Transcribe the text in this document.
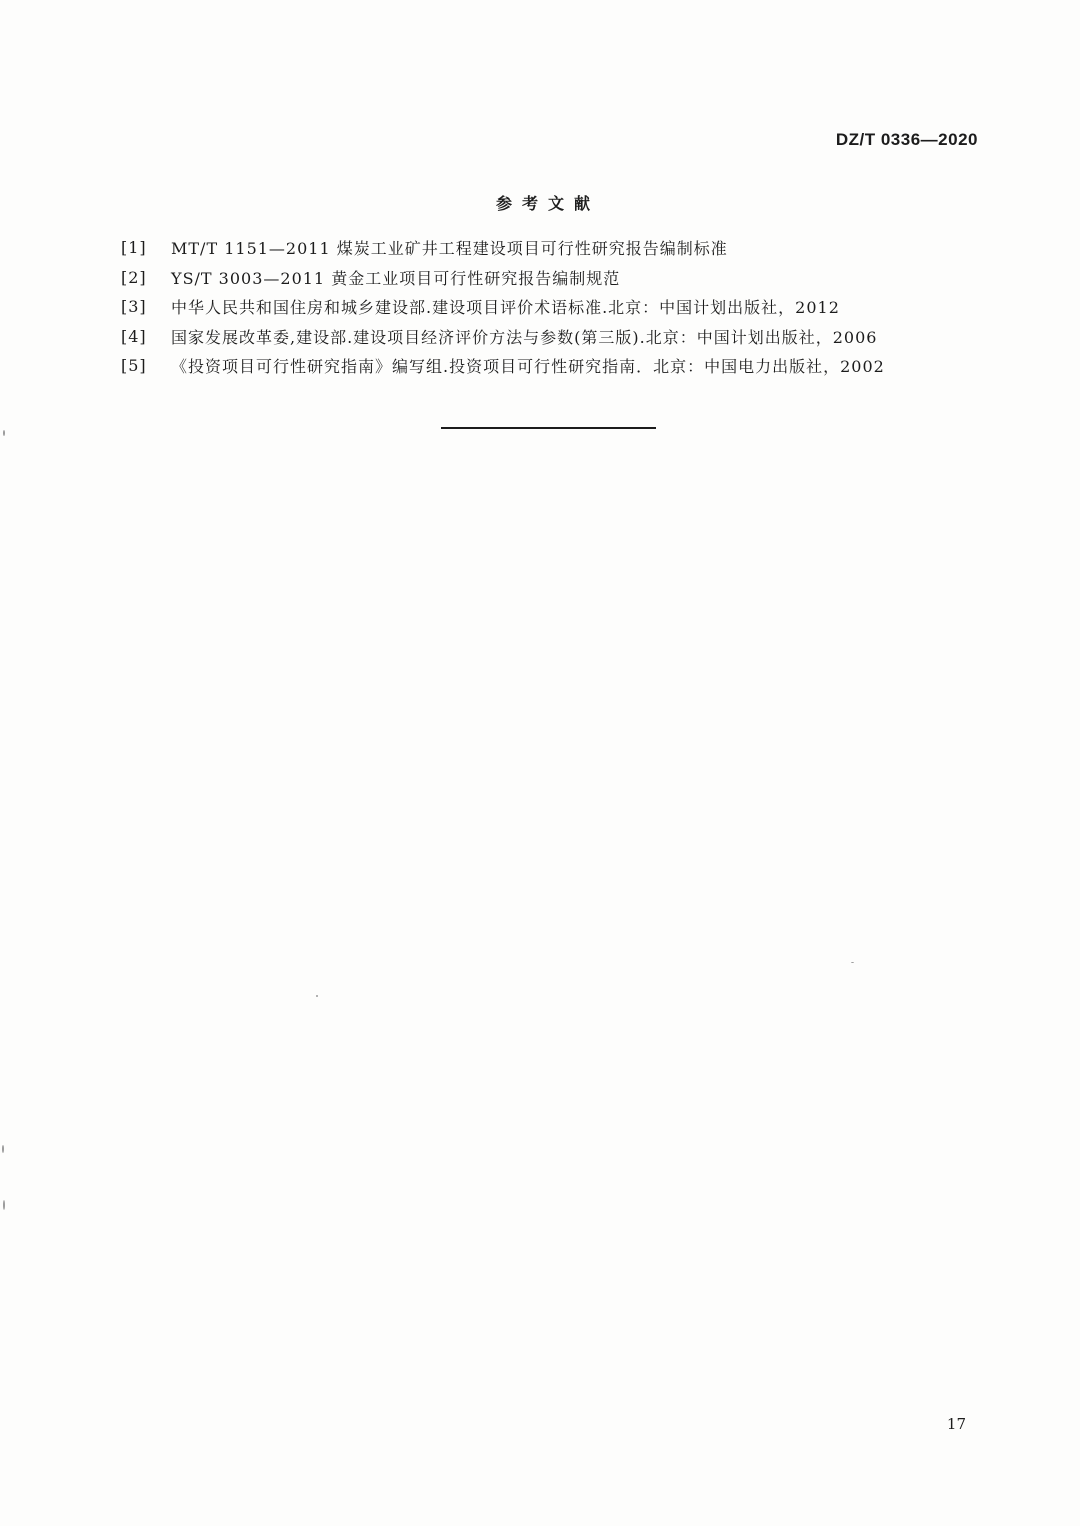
DZ/T 0336—2020
参考文献
[1]	MT/T 1151—2011 煤炭工业矿井工程建设项目可行性研究报告编制标准
[2]	YS/T 3003—2011 黄金工业项目可行性研究报告编制规范
[3]	中华人民共和国住房和城乡建设部.建设项目评价术语标准.北京：中国计划出版社，2012
[4]	国家发展改革委,建设部.建设项目经济评价方法与参数(第三版).北京：中国计划出版社，2006
[5]	《投资项目可行性研究指南》编写组.投资项目可行性研究指南．北京：中国电力出版社，2002
17
